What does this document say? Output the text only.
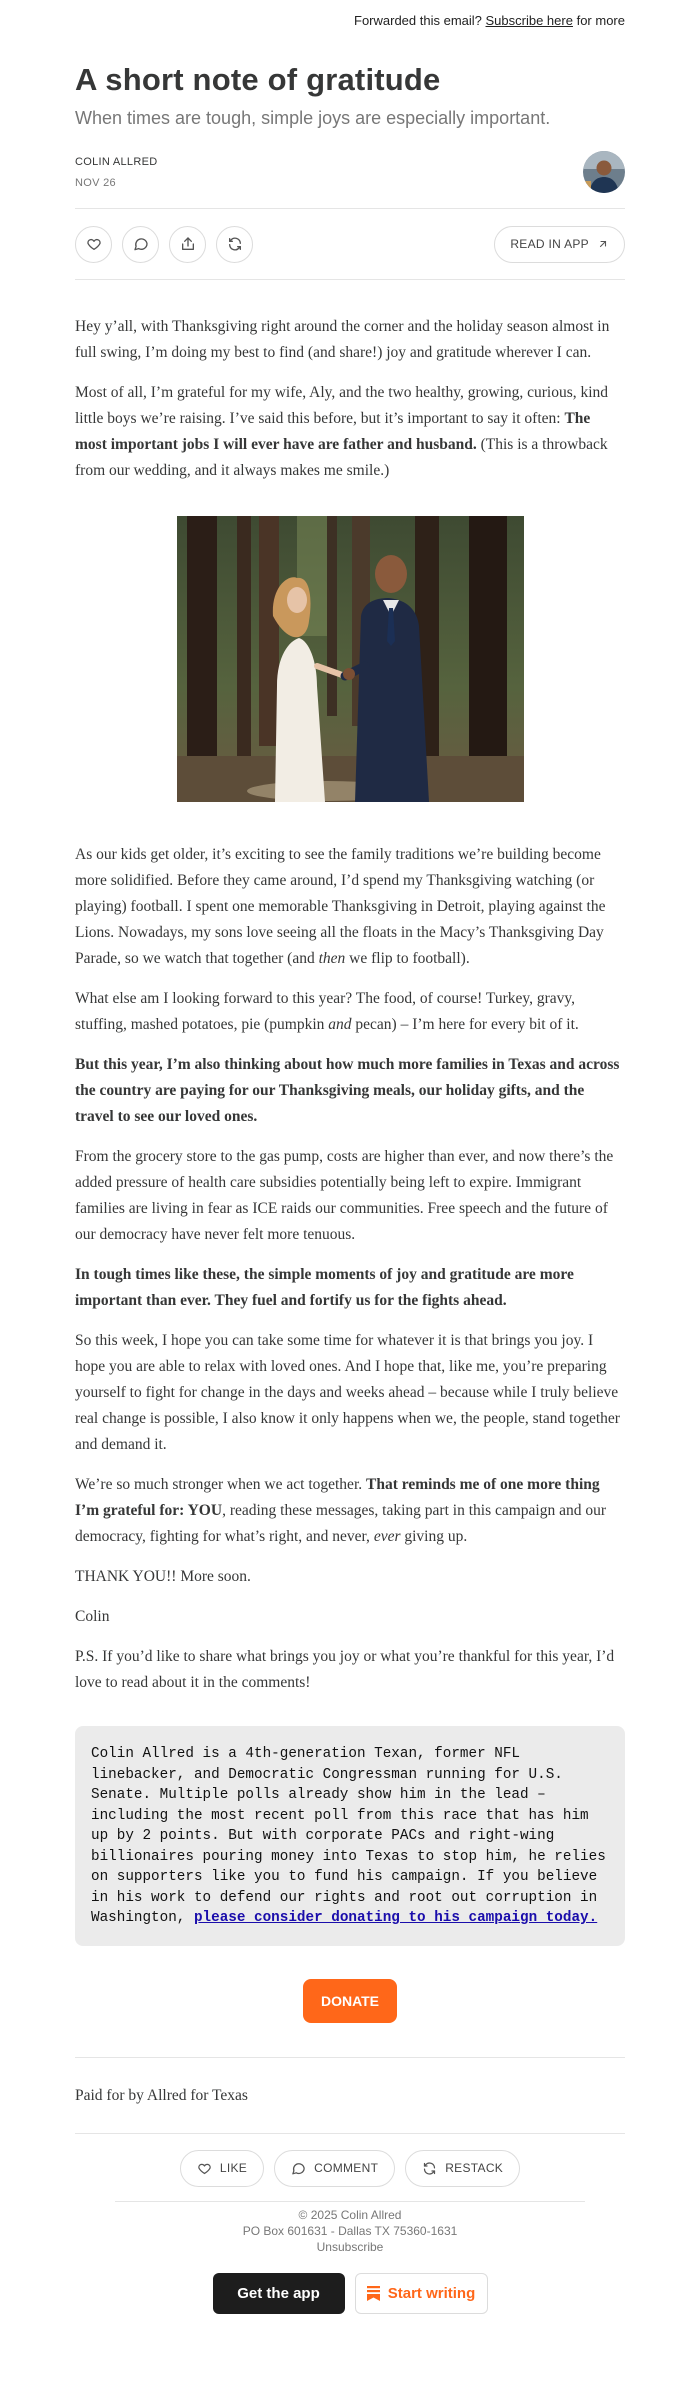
Forwarded this email? Subscribe here for more
A short note of gratitude
When times are tough, simple joys are especially important.
COLIN ALLRED
NOV 26
READ IN APP

Hey y’all, with Thanksgiving right around the corner and the holiday season almost in full swing, I’m doing my best to find (and share!) joy and gratitude wherever I can.

Most of all, I’m grateful for my wife, Aly, and the two healthy, growing, curious, kind little boys we’re raising. I’ve said this before, but it’s important to say it often: The most important jobs I will ever have are father and husband. (This is a throwback from our wedding, and it always makes me smile.)

As our kids get older, it’s exciting to see the family traditions we’re building become more solidified. Before they came around, I’d spend my Thanksgiving watching (or playing) football. I spent one memorable Thanksgiving in Detroit, playing against the Lions. Nowadays, my sons love seeing all the floats in the Macy’s Thanksgiving Day Parade, so we watch that together (and then we flip to football).

What else am I looking forward to this year? The food, of course! Turkey, gravy, stuffing, mashed potatoes, pie (pumpkin and pecan) – I’m here for every bit of it.

But this year, I’m also thinking about how much more families in Texas and across the country are paying for our Thanksgiving meals, our holiday gifts, and the travel to see our loved ones.

From the grocery store to the gas pump, costs are higher than ever, and now there’s the added pressure of health care subsidies potentially being left to expire. Immigrant families are living in fear as ICE raids our communities. Free speech and the future of our democracy have never felt more tenuous.

In tough times like these, the simple moments of joy and gratitude are more important than ever. They fuel and fortify us for the fights ahead.

So this week, I hope you can take some time for whatever it is that brings you joy. I hope you are able to relax with loved ones. And I hope that, like me, you’re preparing yourself to fight for change in the days and weeks ahead – because while I truly believe real change is possible, I also know it only happens when we, the people, stand together and demand it.

We’re so much stronger when we act together. That reminds me of one more thing I’m grateful for: YOU, reading these messages, taking part in this campaign and our democracy, fighting for what’s right, and never, ever giving up.

THANK YOU!! More soon.

Colin

P.S. If you’d like to share what brings you joy or what you’re thankful for this year, I’d love to read about it in the comments!

Colin Allred is a 4th-generation Texan, former NFL linebacker, and Democratic Congressman running for U.S. Senate. Multiple polls already show him in the lead – including the most recent poll from this race that has him up by 2 points. But with corporate PACs and right-wing billionaires pouring money into Texas to stop him, he relies on supporters like you to fund his campaign. If you believe in his work to defend our rights and root out corruption in Washington, please consider donating to his campaign today.
DONATE
Paid for by Allred for Texas
LIKE	COMMENT	RESTACK
© 2025 Colin Allred
PO Box 601631 - Dallas TX 75360-1631
Unsubscribe
Get the app	Start writing
